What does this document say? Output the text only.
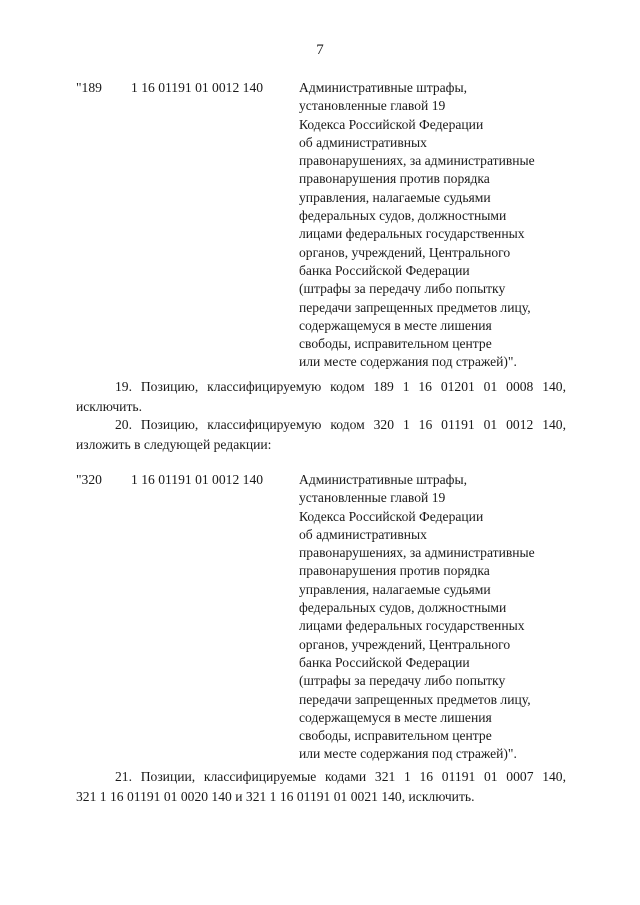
7
"189 1 16 01191 01 0012 140	Административные штрафы,
установленные главой 19
Кодекса Российской Федерации
об административных
правонарушениях, за административные
правонарушения против порядка
управления, налагаемые судьями
федеральных судов, должностными
лицами федеральных государственных
органов, учреждений, Центрального
банка Российской Федерации
(штрафы за передачу либо попытку
передачи запрещенных предметов лицу,
содержащемуся в месте лишения
свободы, исправительном центре
или месте содержания под стражей)".
19. Позицию, классифицируемую кодом 189 1 16 01201 01 0008 140,
исключить.
20. Позицию, классифицируемую кодом 320 1 16 01191 01 0012 140,
изложить в следующей редакции:
"320 1 16 01191 01 0012 140	Административные штрафы,
установленные главой 19
Кодекса Российской Федерации
об административных
правонарушениях, за административные
правонарушения против порядка
управления, налагаемые судьями
федеральных судов, должностными
лицами федеральных государственных
органов, учреждений, Центрального
банка Российской Федерации
(штрафы за передачу либо попытку
передачи запрещенных предметов лицу,
содержащемуся в месте лишения
свободы, исправительном центре
или месте содержания под стражей)".
21. Позиции, классифицируемые кодами 321 1 16 01191 01 0007 140,
321 1 16 01191 01 0020 140 и 321 1 16 01191 01 0021 140, исключить.
